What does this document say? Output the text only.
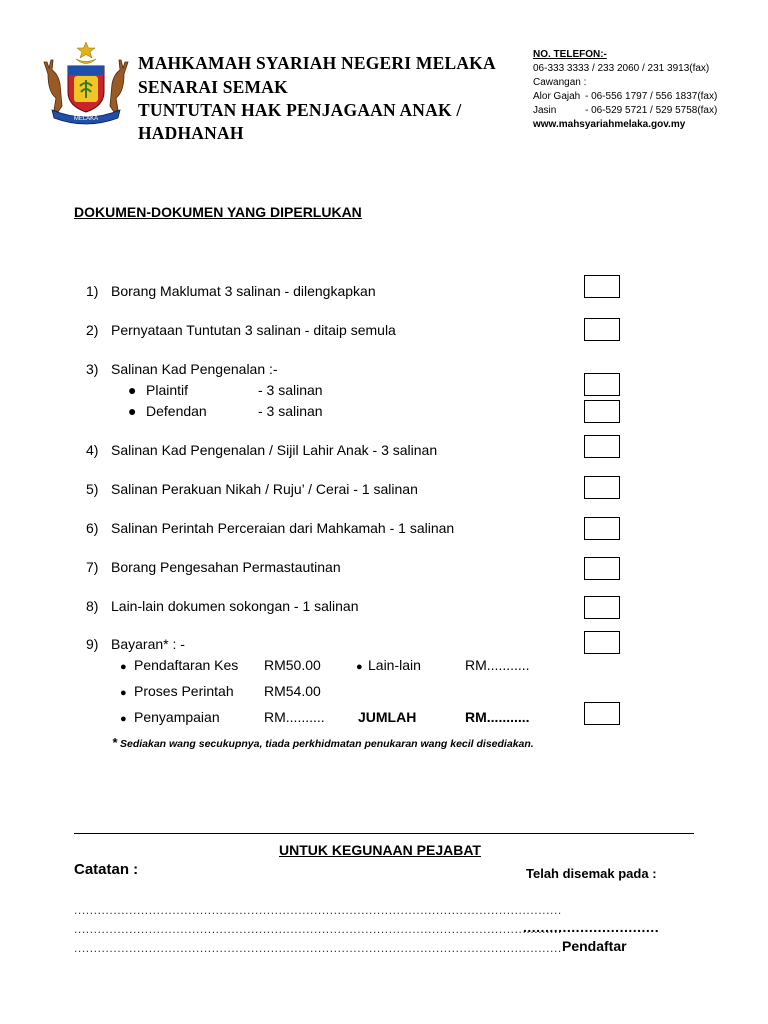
MELAKA
MAHKAMAH SYARIAH NEGERI MELAKA
SENARAI SEMAK
TUNTUTAN HAK PENJAGAAN ANAK /
HADHANAH
NO. TELEFON:-
06-333 3333 / 233 2060 / 231 3913(fax)
Cawangan :
Alor Gajah - 06-556 1797 / 556 1837(fax)
Jasin	- 06-529 5721 / 529 5758(fax)
www.mahsyariahmelaka.gov.my
DOKUMEN-DOKUMEN YANG DIPERLUKAN
1) Borang Maklumat 3 salinan - dilengkapkan
2) Pernyataan Tuntutan 3 salinan - ditaip semula
3) Salinan Kad Pengenalan :-
● Plaintif	- 3 salinan
● Defendan	- 3 salinan
4) Salinan Kad Pengenalan / Sijil Lahir Anak - 3 salinan
5) Salinan Perakuan Nikah / Ruju’ / Cerai - 1 salinan
6) Salinan Perintah Perceraian dari Mahkamah - 1 salinan
7) Borang Pengesahan Permastautinan
8) Lain-lain dokumen sokongan - 1 salinan
9) Bayaran* : -
● Pendaftaran Kes RM50.00	● Lain-lain	RM...........
● Proses Perintah RM54.00
● Penyampaian	RM.......... JUMLAH	RM...........
* Sediakan wang secukupnya, tiada perkhidmatan penukaran wang kecil disediakan.
UNTUK KEGUNAAN PEJABAT
Catatan :	Telah disemak pada :
............................................................................................................................
............................................................................................................................
............................................................................................................................
...............................
Pendaftar
